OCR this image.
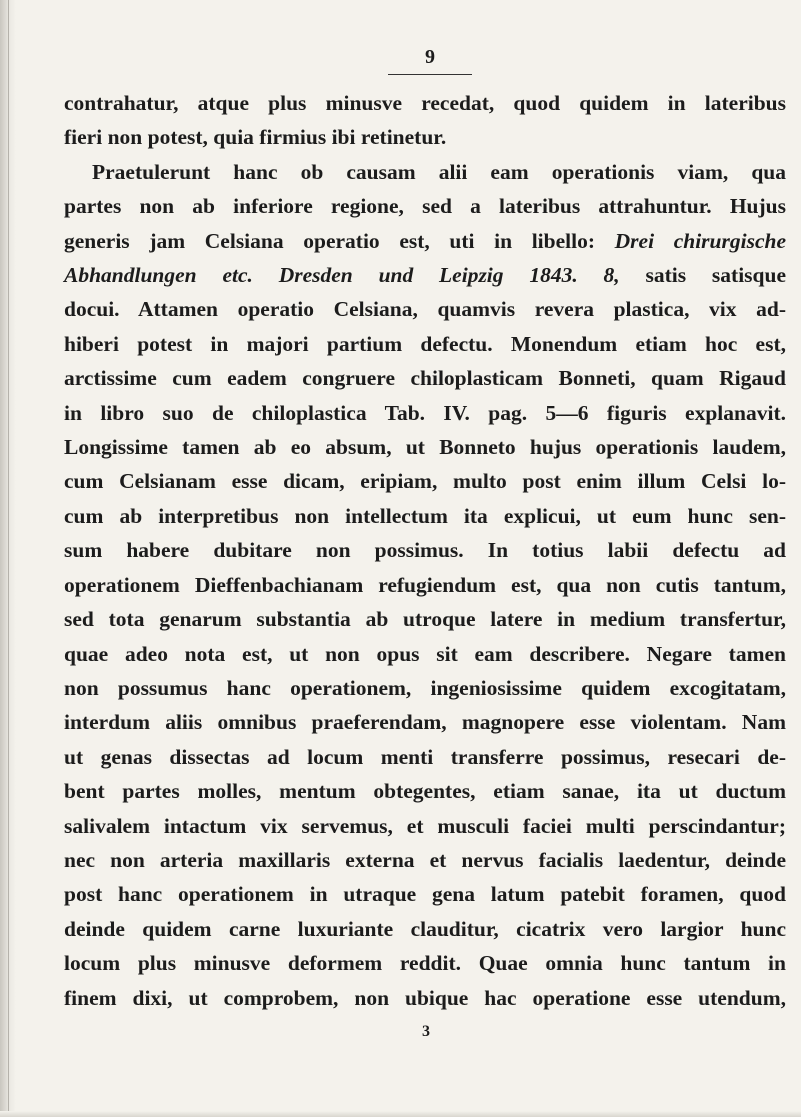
9
contrahatur, atque plus minusve recedat, quod quidem in lateribus
fieri non potest, quia firmius ibi retinetur.
Praetulerunt hanc ob causam alii eam operationis viam, qua
partes non ab inferiore regione, sed a lateribus attrahuntur. Hujus
generis jam Celsiana operatio est, uti in libello: Drei chirurgische
Abhandlungen etc. Dresden und Leipzig 1843. 8, satis satisque
docui. Attamen operatio Celsiana, quamvis revera plastica, vix ad-
hiberi potest in majori partium defectu. Monendum etiam hoc est,
arctissime cum eadem congruere chiloplasticam Bonneti, quam Rigaud
in libro suo de chiloplastica Tab. IV. pag. 5—6 figuris explanavit.
Longissime tamen ab eo absum, ut Bonneto hujus operationis laudem,
cum Celsianam esse dicam, eripiam, multo post enim illum Celsi lo-
cum ab interpretibus non intellectum ita explicui, ut eum hunc sen-
sum habere dubitare non possimus. In totius labii defectu ad
operationem Dieffenbachianam refugiendum est, qua non cutis tantum,
sed tota genarum substantia ab utroque latere in medium transfertur,
quae adeo nota est, ut non opus sit eam describere. Negare tamen
non possumus hanc operationem, ingeniosissime quidem excogitatam,
interdum aliis omnibus praeferendam, magnopere esse violentam. Nam
ut genas dissectas ad locum menti transferre possimus, resecari de-
bent partes molles, mentum obtegentes, etiam sanae, ita ut ductum
salivalem intactum vix servemus, et musculi faciei multi perscindantur;
nec non arteria maxillaris externa et nervus facialis laedentur, deinde
post hanc operationem in utraque gena latum patebit foramen, quod
deinde quidem carne luxuriante clauditur, cicatrix vero largior hunc
locum plus minusve deformem reddit. Quae omnia hunc tantum in
finem dixi, ut comprobem, non ubique hac operatione esse utendum,
3
